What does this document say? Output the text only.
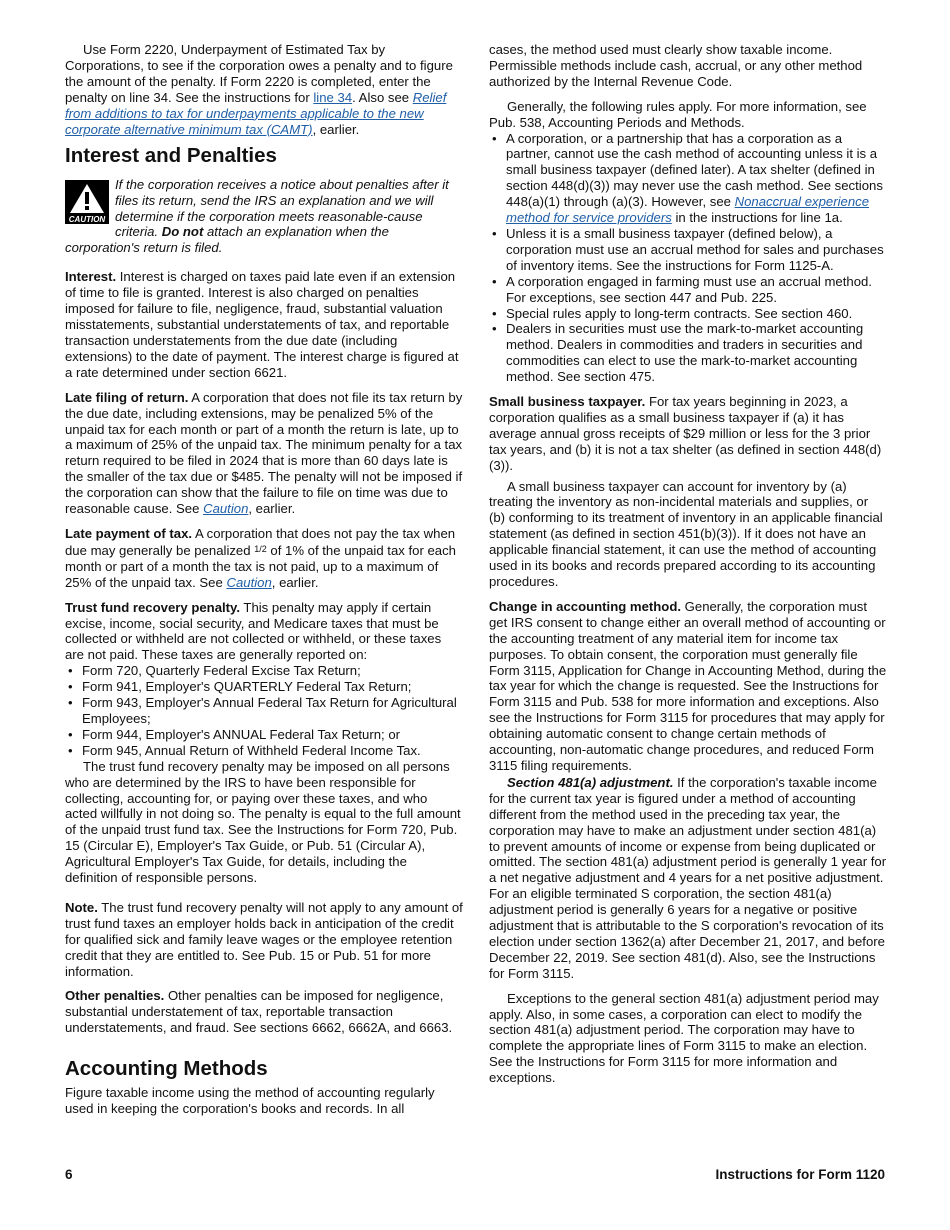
Use Form 2220, Underpayment of Estimated Tax by Corporations, to see if the corporation owes a penalty and to figure the amount of the penalty. If Form 2220 is completed, enter the penalty on line 34. See the instructions for line 34. Also see Relief from additions to tax for underpayments applicable to the new corporate alternative minimum tax (CAMT), earlier.

Interest and Penalties
CAUTION
If the corporation receives a notice about penalties after it files its return, send the IRS an explanation and we will determine if the corporation meets reasonable-cause criteria. Do not attach an explanation when the corporation's return is filed.

Interest. Interest is charged on taxes paid late even if an extension of time to file is granted. Interest is also charged on penalties imposed for failure to file, negligence, fraud, substantial valuation misstatements, substantial understatements of tax, and reportable transaction understatements from the due date (including extensions) to the date of payment. The interest charge is figured at a rate determined under section 6621.

Late filing of return. A corporation that does not file its tax return by the due date, including extensions, may be penalized 5% of the unpaid tax for each month or part of a month the return is late, up to a maximum of 25% of the unpaid tax. The minimum penalty for a tax return required to be filed in 2024 that is more than 60 days late is the smaller of the tax due or $485. The penalty will not be imposed if the corporation can show that the failure to file on time was due to reasonable cause. See Caution, earlier.

Late payment of tax. A corporation that does not pay the tax when due may generally be penalized $^{1/2}$ of 1% of the unpaid tax for each month or part of a month the tax is not paid, up to a maximum of 25% of the unpaid tax. See Caution, earlier.

Trust fund recovery penalty. This penalty may apply if certain excise, income, social security, and Medicare taxes that must be collected or withheld are not collected or withheld, or these taxes are not paid. These taxes are generally reported on:

• Form 720, Quarterly Federal Excise Tax Return;
• Form 941, Employer's QUARTERLY Federal Tax Return;
• Form 943, Employer's Annual Federal Tax Return for Agricultural Employees;
• Form 944, Employer's ANNUAL Federal Tax Return; or
• Form 945, Annual Return of Withheld Federal Income Tax.

The trust fund recovery penalty may be imposed on all persons who are determined by the IRS to have been responsible for collecting, accounting for, or paying over these taxes, and who acted willfully in not doing so. The penalty is equal to the full amount of the unpaid trust fund tax. See the Instructions for Form 720, Pub. 15 (Circular E), Employer's Tax Guide, or Pub. 51 (Circular A), Agricultural Employer's Tax Guide, for details, including the definition of responsible persons.

Note. The trust fund recovery penalty will not apply to any amount of trust fund taxes an employer holds back in anticipation of the credit for qualified sick and family leave wages or the employee retention credit that they are entitled to. See Pub. 15 or Pub. 51 for more information.

Other penalties. Other penalties can be imposed for negligence, substantial understatement of tax, reportable transaction understatements, and fraud. See sections 6662, 6662A, and 6663.

Accounting Methods

Figure taxable income using the method of accounting regularly used in keeping the corporation's books and records. In all

cases, the method used must clearly show taxable income. Permissible methods include cash, accrual, or any other method authorized by the Internal Revenue Code.

Generally, the following rules apply. For more information, see Pub. 538, Accounting Periods and Methods.

• A corporation, or a partnership that has a corporation as a partner, cannot use the cash method of accounting unless it is a small business taxpayer (defined later). A tax shelter (defined in section 448(d)(3)) may never use the cash method. See sections 448(a)(1) through (a)(3). However, see Nonaccrual experience method for service providers in the instructions for line 1a.
• Unless it is a small business taxpayer (defined below), a corporation must use an accrual method for sales and purchases of inventory items. See the instructions for Form 1125-A.
• A corporation engaged in farming must use an accrual method. For exceptions, see section 447 and Pub. 225.
• Special rules apply to long-term contracts. See section 460.
• Dealers in securities must use the mark-to-market accounting method. Dealers in commodities and traders in securities and commodities can elect to use the mark-to-market accounting method. See section 475.

Small business taxpayer. For tax years beginning in 2023, a corporation qualifies as a small business taxpayer if (a) it has average annual gross receipts of $29 million or less for the 3 prior tax years, and (b) it is not a tax shelter (as defined in section 448(d)(3)).

A small business taxpayer can account for inventory by (a) treating the inventory as non-incidental materials and supplies, or (b) conforming to its treatment of inventory in an applicable financial statement (as defined in section 451(b)(3)). If it does not have an applicable financial statement, it can use the method of accounting used in its books and records prepared according to its accounting procedures.

Change in accounting method. Generally, the corporation must get IRS consent to change either an overall method of accounting or the accounting treatment of any material item for income tax purposes. To obtain consent, the corporation must generally file Form 3115, Application for Change in Accounting Method, during the tax year for which the change is requested. See the Instructions for Form 3115 and Pub. 538 for more information and exceptions. Also see the Instructions for Form 3115 for procedures that may apply for obtaining automatic consent to change certain methods of accounting, non-automatic change procedures, and reduced Form 3115 filing requirements.

Section 481(a) adjustment. If the corporation's taxable income for the current tax year is figured under a method of accounting different from the method used in the preceding tax year, the corporation may have to make an adjustment under section 481(a) to prevent amounts of income or expense from being duplicated or omitted. The section 481(a) adjustment period is generally 1 year for a net negative adjustment and 4 years for a net positive adjustment. For an eligible terminated S corporation, the section 481(a) adjustment period is generally 6 years for a negative or positive adjustment that is attributable to the S corporation's revocation of its election under section 1362(a) after December 21, 2017, and before December 22, 2019. See section 481(d). Also, see the Instructions for Form 3115.

Exceptions to the general section 481(a) adjustment period may apply. Also, in some cases, a corporation can elect to modify the section 481(a) adjustment period. The corporation may have to complete the appropriate lines of Form 3115 to make an election. See the Instructions for Form 3115 for more information and exceptions.

6	Instructions for Form 1120
